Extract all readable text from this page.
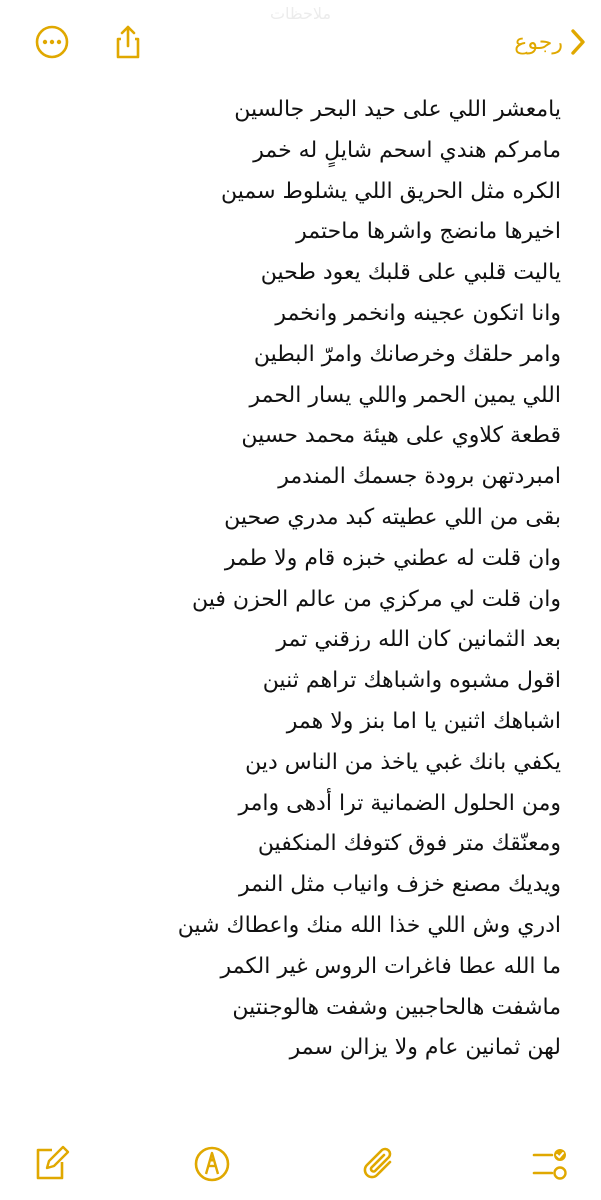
ملاحظات
رجوع
يامعشر اللي على حيد البحر جالسين
مامركم هندي اسحم شايلٍ له خمر
الكره مثل الحريق اللي يشلوط سمين
اخيرها مانضج واشرها ماحتمر
ياليت قلبي على قلبك يعود طحين
وانا اتكون عجينه وانخمر وانخمر
وامر حلقك وخرصانك وامرّ البطين
اللي يمين الحمر واللي يسار الحمر
قطعة كلاوي على هيئة محمد حسين
امبردتهن برودة جسمك المندمر
بقى من اللي عطيته كبد مدري صحين
وان قلت له عطني خبزه قام ولا طمر
وان قلت لي مركزي من عالم الحزن فين
بعد الثمانين كان الله رزقني تمر
اقول مشبوه واشباهك تراهم ثنين
اشباهك اثنين يا اما بنز ولا همر
يكفي بانك غبي ياخذ من الناس دين
ومن الحلول الضمانية ترا أدهى وامر
ومعنّقك متر فوق كتوفك المنكفين
ويديك مصنع خزف وانياب مثل النمر
ادري وش اللي خذا الله منك واعطاك شين
ما الله عطا فاغرات الروس غير الكمر
ماشفت هالحاجبين وشفت هالوجنتين
لهن ثمانين عام ولا يزالن سمر
